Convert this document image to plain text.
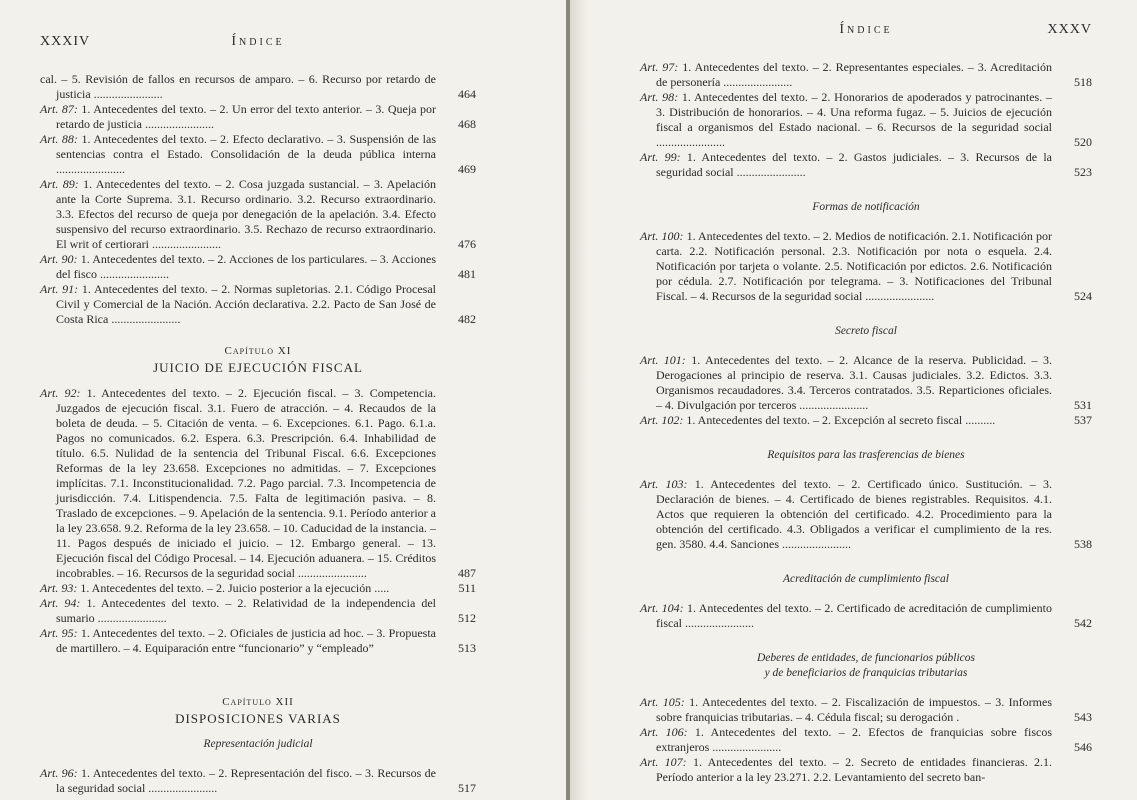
XXXIV	Índice
cal. – 5. Revisión de fallos en recursos de amparo. – 6. Recurso por retardo de justicia .......................	464
Art. 87: 1. Antecedentes del texto. – 2. Un error del texto anterior. – 3. Queja por retardo de justicia .......................	468
Art. 88: 1. Antecedentes del texto. – 2. Efecto declarativo. – 3. Suspensión de las sentencias contra el Estado. Consolidación de la deuda pública interna .......................	469
Art. 89: 1. Antecedentes del texto. – 2. Cosa juzgada sustancial. – 3. Apelación ante la Corte Suprema. 3.1. Recurso ordinario. 3.2. Recurso extraordinario. 3.3. Efectos del recurso de queja por denegación de la apelación. 3.4. Efecto suspensivo del recurso extraordinario. 3.5. Rechazo de recurso extraordinario. El writ of certiorari .......................	476
Art. 90: 1. Antecedentes del texto. – 2. Acciones de los particulares. – 3. Acciones del fisco .......................	481
Art. 91: 1. Antecedentes del texto. – 2. Normas supletorias. 2.1. Código Procesal Civil y Comercial de la Nación. Acción declarativa. 2.2. Pacto de San José de Costa Rica .......................	482
Capítulo XI
JUICIO DE EJECUCIÓN FISCAL
Art. 92: 1. Antecedentes del texto. – 2. Ejecución fiscal. – 3. Competencia. Juzgados de ejecución fiscal. 3.1. Fuero de atracción. – 4. Recaudos de la boleta de deuda. – 5. Citación de venta. – 6. Excepciones. 6.1. Pago. 6.1.a. Pagos no comunicados. 6.2. Espera. 6.3. Prescripción. 6.4. Inhabilidad de título. 6.5. Nulidad de la sentencia del Tribunal Fiscal. 6.6. Excepciones Reformas de la ley 23.658. Excepciones no admitidas. – 7. Excepciones implícitas. 7.1. Inconstitucionalidad. 7.2. Pago parcial. 7.3. Incompetencia de jurisdicción. 7.4. Litispendencia. 7.5. Falta de legitimación pasiva. – 8. Traslado de excepciones. – 9. Apelación de la sentencia. 9.1. Período anterior a la ley 23.658. 9.2. Reforma de la ley 23.658. – 10. Caducidad de la instancia. – 11. Pagos después de iniciado el juicio. – 12. Embargo general. – 13. Ejecución fiscal del Código Procesal. – 14. Ejecución aduanera. – 15. Créditos incobrables. – 16. Recursos de la seguridad social .......................	487
Art. 93: 1. Antecedentes del texto. – 2. Juicio posterior a la ejecución .....	511
Art. 94: 1. Antecedentes del texto. – 2. Relatividad de la independencia del sumario .......................	512
Art. 95: 1. Antecedentes del texto. – 2. Oficiales de justicia ad hoc. – 3. Propuesta de martillero. – 4. Equiparación entre “funcionario” y “empleado”	513
Capítulo XII
DISPOSICIONES VARIAS
Representación judicial
Art. 96: 1. Antecedentes del texto. – 2. Representación del fisco. – 3. Recursos de la seguridad social .......................	517
Índice	XXXV
Art. 97: 1. Antecedentes del texto. – 2. Representantes especiales. – 3. Acreditación de personería .......................	518
Art. 98: 1. Antecedentes del texto. – 2. Honorarios de apoderados y patrocinantes. – 3. Distribución de honorarios. – 4. Una reforma fugaz. – 5. Juicios de ejecución fiscal a organismos del Estado nacional. – 6. Recursos de la seguridad social .......................	520
Art. 99: 1. Antecedentes del texto. – 2. Gastos judiciales. – 3. Recursos de la seguridad social .......................	523
Formas de notificación
Art. 100: 1. Antecedentes del texto. – 2. Medios de notificación. 2.1. Notificación por carta. 2.2. Notificación personal. 2.3. Notificación por nota o esquela. 2.4. Notificación por tarjeta o volante. 2.5. Notificación por edictos. 2.6. Notificación por cédula. 2.7. Notificación por telegrama. – 3. Notificaciones del Tribunal Fiscal. – 4. Recursos de la seguridad social .......................	524
Secreto fiscal
Art. 101: 1. Antecedentes del texto. – 2. Alcance de la reserva. Publicidad. – 3. Derogaciones al principio de reserva. 3.1. Causas judiciales. 3.2. Edictos. 3.3. Organismos recaudadores. 3.4. Terceros contratados. 3.5. Reparticiones oficiales. – 4. Divulgación por terceros .......................	531
Art. 102: 1. Antecedentes del texto. – 2. Excepción al secreto fiscal ..........	537
Requisitos para las trasferencias de bienes
Art. 103: 1. Antecedentes del texto. – 2. Certificado único. Sustitución. – 3. Declaración de bienes. – 4. Certificado de bienes registrables. Requisitos. 4.1. Actos que requieren la obtención del certificado. 4.2. Procedimiento para la obtención del certificado. 4.3. Obligados a verificar el cumplimiento de la res. gen. 3580. 4.4. Sanciones .......................	538
Acreditación de cumplimiento fiscal
Art. 104: 1. Antecedentes del texto. – 2. Certificado de acreditación de cumplimiento fiscal .......................	542
Deberes de entidades, de funcionarios públicos
y de beneficiarios de franquicias tributarias
Art. 105: 1. Antecedentes del texto. – 2. Fiscalización de impuestos. – 3. Informes sobre franquicias tributarias. – 4. Cédula fiscal; su derogación .	543
Art. 106: 1. Antecedentes del texto. – 2. Efectos de franquicias sobre fiscos extranjeros .......................	546
Art. 107: 1. Antecedentes del texto. – 2. Secreto de entidades financieras. 2.1. Período anterior a la ley 23.271. 2.2. Levantamiento del secreto ban-
